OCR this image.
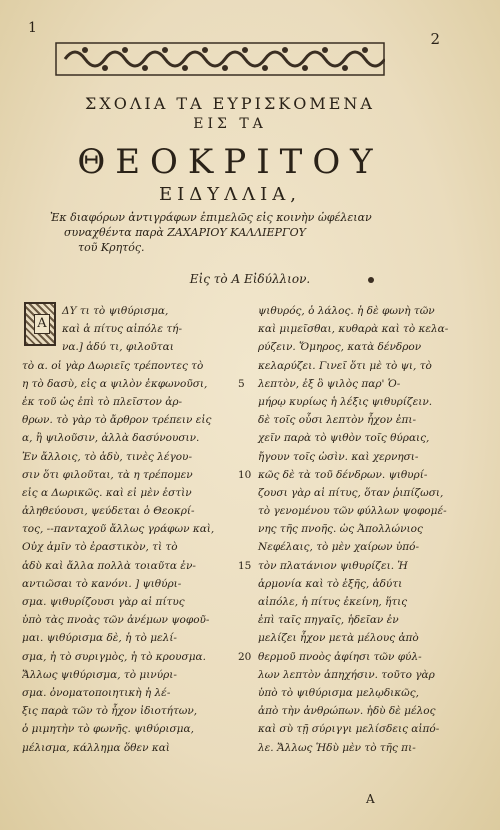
1
2
ΣΧΟΛΙΑ ΤΑ ΕΥΡΙΣΚΟΜΕΝΑ
ΕΙΣ ΤΑ
ΘΕΟΚΡΙΤΟΥ
ΕΙΔΥΛΛΙΑ,
Ἐκ διαφόρων ἀντιγράφων ἐπιμελῶς εἰς κοινὴν ὠφέλειαν
συναχθέντα παρὰ ΖΑΧΑΡΙΟΥ ΚΑΛΛΙΕΡΓΟΥ
τοῦ Κρητός.
Εἰς τὸ Α Εἰδύλλιον.
Α
ΔΥ τι τὸ ψιθύρισμα,
καὶ ἁ πίτυς αἰπόλε τή-
να.] ἁδύ τι, φιλοῦται
τὸ α. οἱ γὰρ Δωριεῖς τρέποντες τὸ
η τὸ δασὺ, εἰς α ψιλὸν ἐκφωνοῦσι,
ἐκ τοῦ ὡς ἐπὶ τὸ πλεῖστον ἀρ-
θρων. τὸ γὰρ τὸ ἄρθρον τρέπειν εἰς
α, ἢ ψιλοῦσιν, ἀλλὰ δασύνουσιν.
Ἐν ἄλλοις, τὸ ἁδὺ, τινὲς λέγου-
σιν ὅτι φιλοῦται, τὰ η τρέπομεν
εἰς α Δωρικῶς. καὶ εἰ μὲν ἐστὶν
ἀληθεύουσι, ψεύδεται ὁ Θεοκρί-
τος, --πανταχοῦ ἄλλως γράφων καὶ,
Οὐχ ἁμῖν τὸ ἐραστικὸν, τὶ τὸ
ἁδὺ καὶ ἄλλα πολλὰ τοιαῦτα ἐν-
αντιῶσαι τὸ κανόνι. ] ψιθύρι-
σμα. ψιθυρίζουσι γὰρ αἱ πίτυς
ὑπὸ τὰς πνοὰς τῶν ἀνέμων ψοφοῦ-
μαι. ψιθύρισμα δὲ, ἡ τὸ μελί-
σμα, ἡ τὸ συριγμὸς, ἡ τὸ κρουσμα.
Ἄλλως ψιθύρισμα, τὸ μινύρι-
σμα. ὀνοματοποιητικὴ ἡ λέ-
ξις παρὰ τῶν τὸ ἦχον ἰδιοτήτων,
ὁ μιμητὴν τὸ φωνῆς. ψιθύρισμα,
μέλισμα, κάλλημα ὅθεν καὶ
ψιθυρός, ὁ λάλος. ἡ δὲ φωνὴ τῶν
καὶ μιμεῖσθαι, κυθαρὰ καὶ τὸ κελα-
ρύζειν. Ὅμηρος, κατὰ δένδρον
κελαρύζει. Γινεῖ ὅτι μὲ τὸ ψι, τὸ
5 λεπτὸν, ἐξ ὃ ψιλὸς παρ' Ὁ-
μήρῳ κυρίως ἡ λέξις ψιθυρίζειν.
δὲ τοῖς οὖσι λεπτὸν ἦχον ἐπι-
χεῖν παρὰ τὸ ψιθὸν τοῖς θύραις,
ἤγουν τοῖς ὠσὶν. καὶ χερνησι-
10 κῶς δὲ τὰ τοῦ δένδρων. ψιθυρί-
ζουσι γὰρ αἱ πίτυς, ὅταν ῥιπίζωσι,
τὸ γενομένου τῶν φύλλων ψοφομέ-
νης τῆς πνοῆς. ὡς Ἀπολλώνιος
Νεφέλαις, τὸ μὲν χαίρων ὑπό-
15 τὸν πλατάνιον ψιθυρίζει. Ἡ
ἁρμονία καὶ τὸ ἑξῆς, ἁδύτι
αἰπόλε, ἡ πίτυς ἐκείνη, ἥτις
ἐπὶ ταῖς πηγαῖς, ἡδεῖαν ἐν
μελίζει ἦχον μετὰ μέλους ἀπὸ
20 θερμοῦ πνοὸς ἀφίησι τῶν φύλ-
λων λεπτὸν ἀπηχήσιν. τοῦτο γὰρ
ὑπὸ τὸ ψιθύρισμα μελῳδικῶς,
ἀπὸ τὴν ἀνθρώπων. ἡδὺ δὲ μέλος
καὶ σὺ τῇ σύριγγι μελίσδεις αἰπό-
λε. Ἄλλως Ἡδὺ μὲν τὸ τῆς πι-
Α
